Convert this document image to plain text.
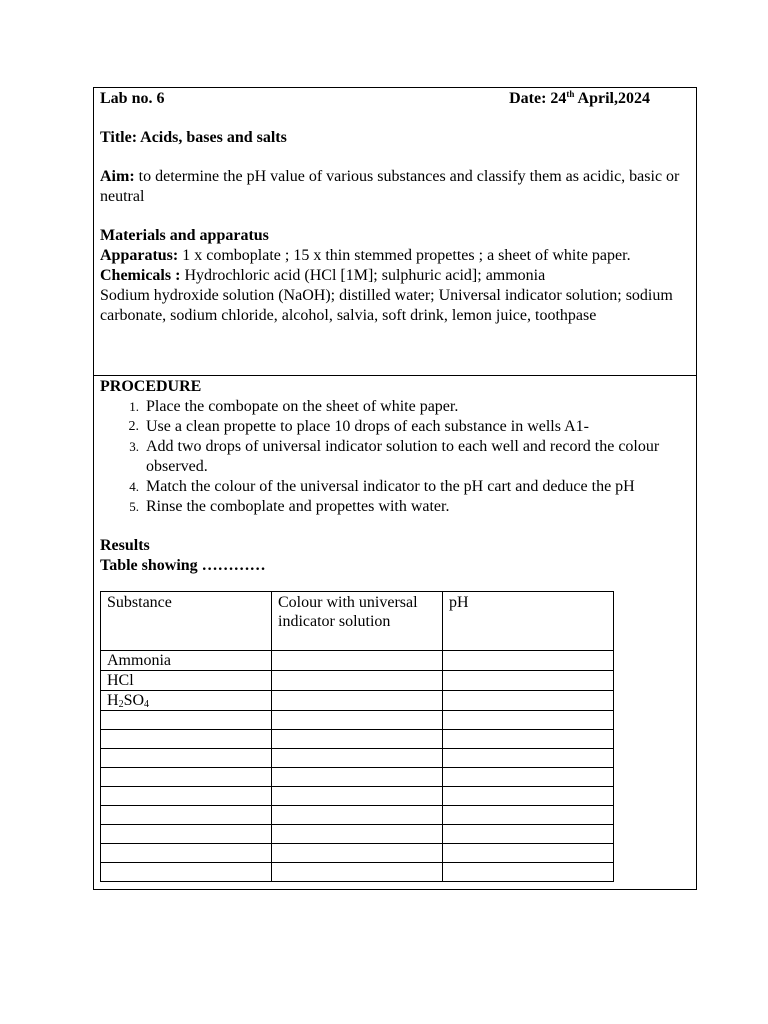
Lab no. 6	Date: 24th April,2024

Title: Acids, bases and salts

Aim: to determine the pH value of various substances and classify them as acidic, basic or neutral

Materials and apparatus

Apparatus: 1 x comboplate ; 15 x thin stemmed propettes ; a sheet of white paper.

Chemicals : Hydrochloric acid (HCl [1M]; sulphuric acid]; ammonia

Sodium hydroxide solution (NaOH); distilled water; Universal indicator solution; sodium carbonate, sodium chloride, alcohol, salvia, soft drink, lemon juice, toothpase

PROCEDURE

1. Place the combopate on the sheet of white paper.
2. Use a clean propette to place 10 drops of each substance in wells A1-
3. Add two drops of universal indicator solution to each well and record the colour observed.
4. Match the colour of the universal indicator to the pH cart and deduce the pH
5. Rinse the comboplate and propettes with water.

Results

Table showing …………

Substance	Colour with universal indicator solution	pH
Ammonia		
HCl		
$H_2SO_4$		
